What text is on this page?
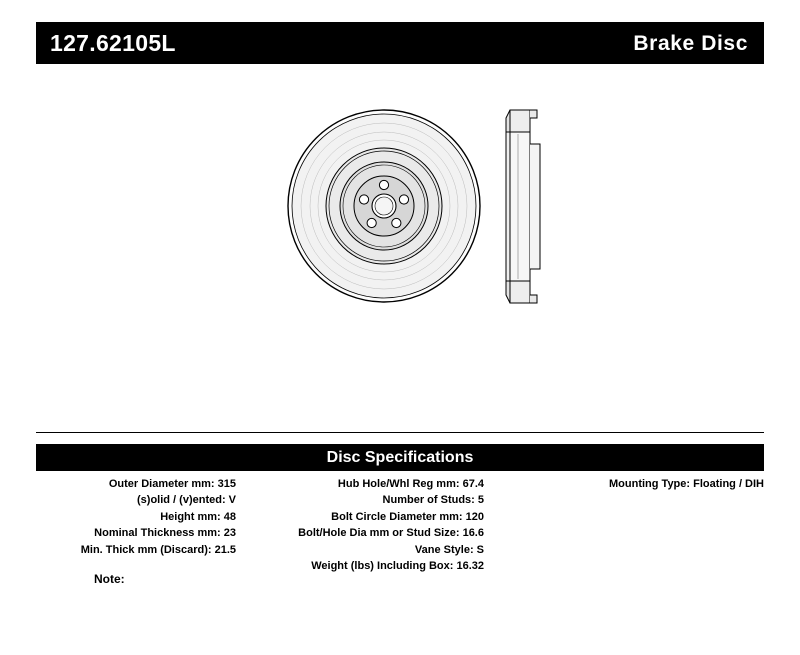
127.62105L	Brake Disc
Disc Specifications
Outer Diameter mm: 315
(s)olid / (v)ented: V
Height mm: 48
Nominal Thickness mm: 23
Min. Thick mm (Discard): 21.5
Hub Hole/Whl Reg mm: 67.4
Number of Studs: 5
Bolt Circle Diameter mm: 120
Bolt/Hole Dia mm or Stud Size: 16.6
Vane Style: S
Weight (lbs) Including Box: 16.32
Mounting Type: Floating / DIH
Note:
